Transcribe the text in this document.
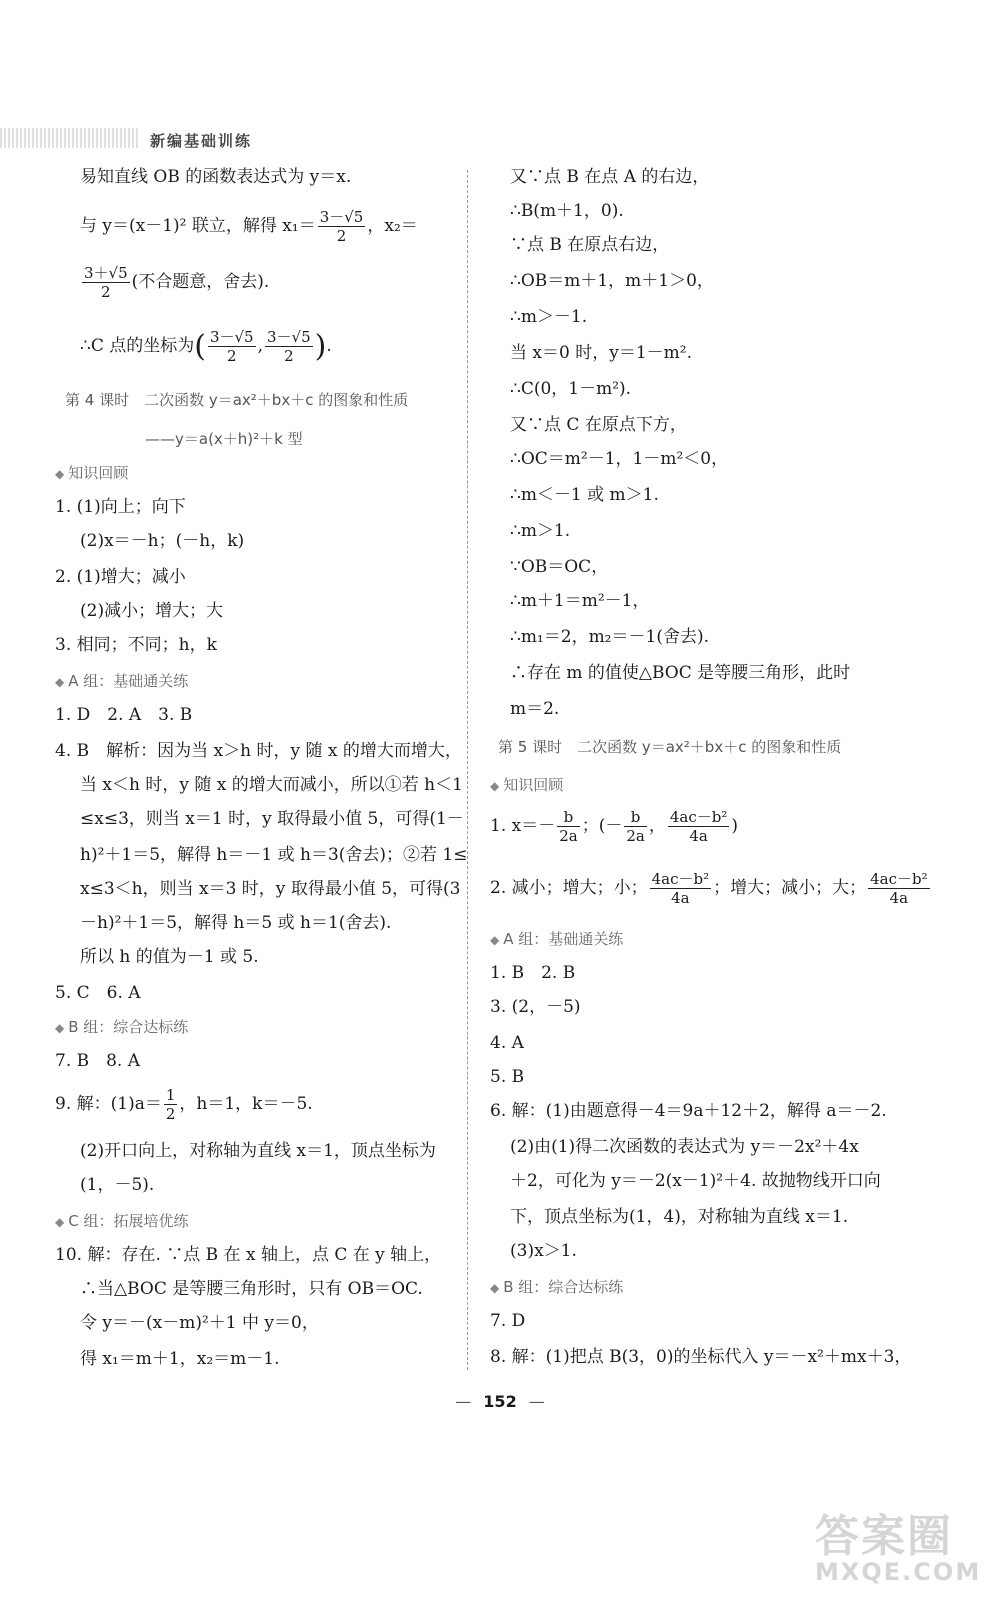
新编基础训练
易知直线 OB 的函数表达式为 y＝x.
与 y＝(x－1)² 联立，解得 $x_1= \frac{3-√5}{2}$ ，x₂＝
$\frac{3+√5}{2}$ (不合题意，舍去).
∴C 点的坐标为( $\frac{3-√5}{2}$ , $\frac{3-√5}{2}$ ).
第 4 课时　二次函数 y＝ax²＋bx＋c 的图象和性质
——y＝a(x＋h)²＋k 型
◆ 知识回顾
1. (1)向上；向下
(2)x＝－h；(－h，k)
2. (1)增大；减小
(2)减小；增大；大
3. 相同；不同；h，k
◆ A 组：基础通关练
1. D　2. A　3. B
4. B　解析：因为当 x＞h 时，y 随 x 的增大而增大，
当 x＜h 时，y 随 x 的增大而减小，所以①若 h＜1
≤x≤3，则当 x＝1 时，y 取得最小值 5，可得(1－
h)²＋1＝5，解得 h＝－1 或 h＝3(舍去)；②若 1≤
x≤3＜h，则当 x＝3 时，y 取得最小值 5，可得(3
－h)²＋1＝5，解得 h＝5 或 h＝1(舍去).
所以 h 的值为－1 或 5.
5. C　6. A
◆ B 组：综合达标练
7. B　8. A
9. 解：$(1)a= \frac{1}{2}$ ，h＝1，k＝－5.
(2)开口向上，对称轴为直线 x＝1，顶点坐标为
(1，－5).
◆ C 组：拓展培优练
10. 解：存在. ∵点 B 在 x 轴上，点 C 在 y 轴上，
∴当△BOC 是等腰三角形时，只有 OB＝OC.
令 y＝－(x－m)²＋1 中 y＝0，
得 x₁＝m＋1，x₂＝m－1.
又∵点 B 在点 A 的右边，
∴B(m＋1，0).
∵点 B 在原点右边，
∴OB＝m＋1，m＋1＞0，
∴m＞－1.
当 x＝0 时，y＝1－m².
∴C(0，1－m²).
又∵点 C 在原点下方，
∴OC＝m²－1，1－m²＜0，
∴m＜－1 或 m＞1.
∴m＞1.
∵OB＝OC，
∴m＋1＝m²－1，
∴m₁＝2，m₂＝－1(舍去).
∴存在 m 的值使△BOC 是等腰三角形，此时
m＝2.
第 5 课时　二次函数 y＝ax²＋bx＋c 的图象和性质
◆ 知识回顾
1. $x=- \frac{b}{2a}$ ；(－ $\frac{b}{2a}$ ， $\frac{\text{4ac－b²}}{4a}$ )
2. 减小；增大；小； $\frac{\text{4ac－b²}}{4a}$ ；增大；减小；大； $\frac{\text{4ac－b²}}{4a}$
◆ A 组：基础通关练
1. B　2. B
3. (2，－5)
4. A
5. B
6. 解：(1)由题意得－4＝9a＋12＋2，解得 a＝－2.
(2)由(1)得二次函数的表达式为 y＝－2x²＋4x
＋2，可化为 y＝－2(x－1)²＋4. 故抛物线开口向
下，顶点坐标为(1，4)，对称轴为直线 x＝1.
(3)x＞1.
◆ B 组：综合达标练
7. D
8. 解：(1)把点 B(3，0)的坐标代入 y＝－x²＋mx＋3，
— 152 —
答案圈
MXQE.COM
